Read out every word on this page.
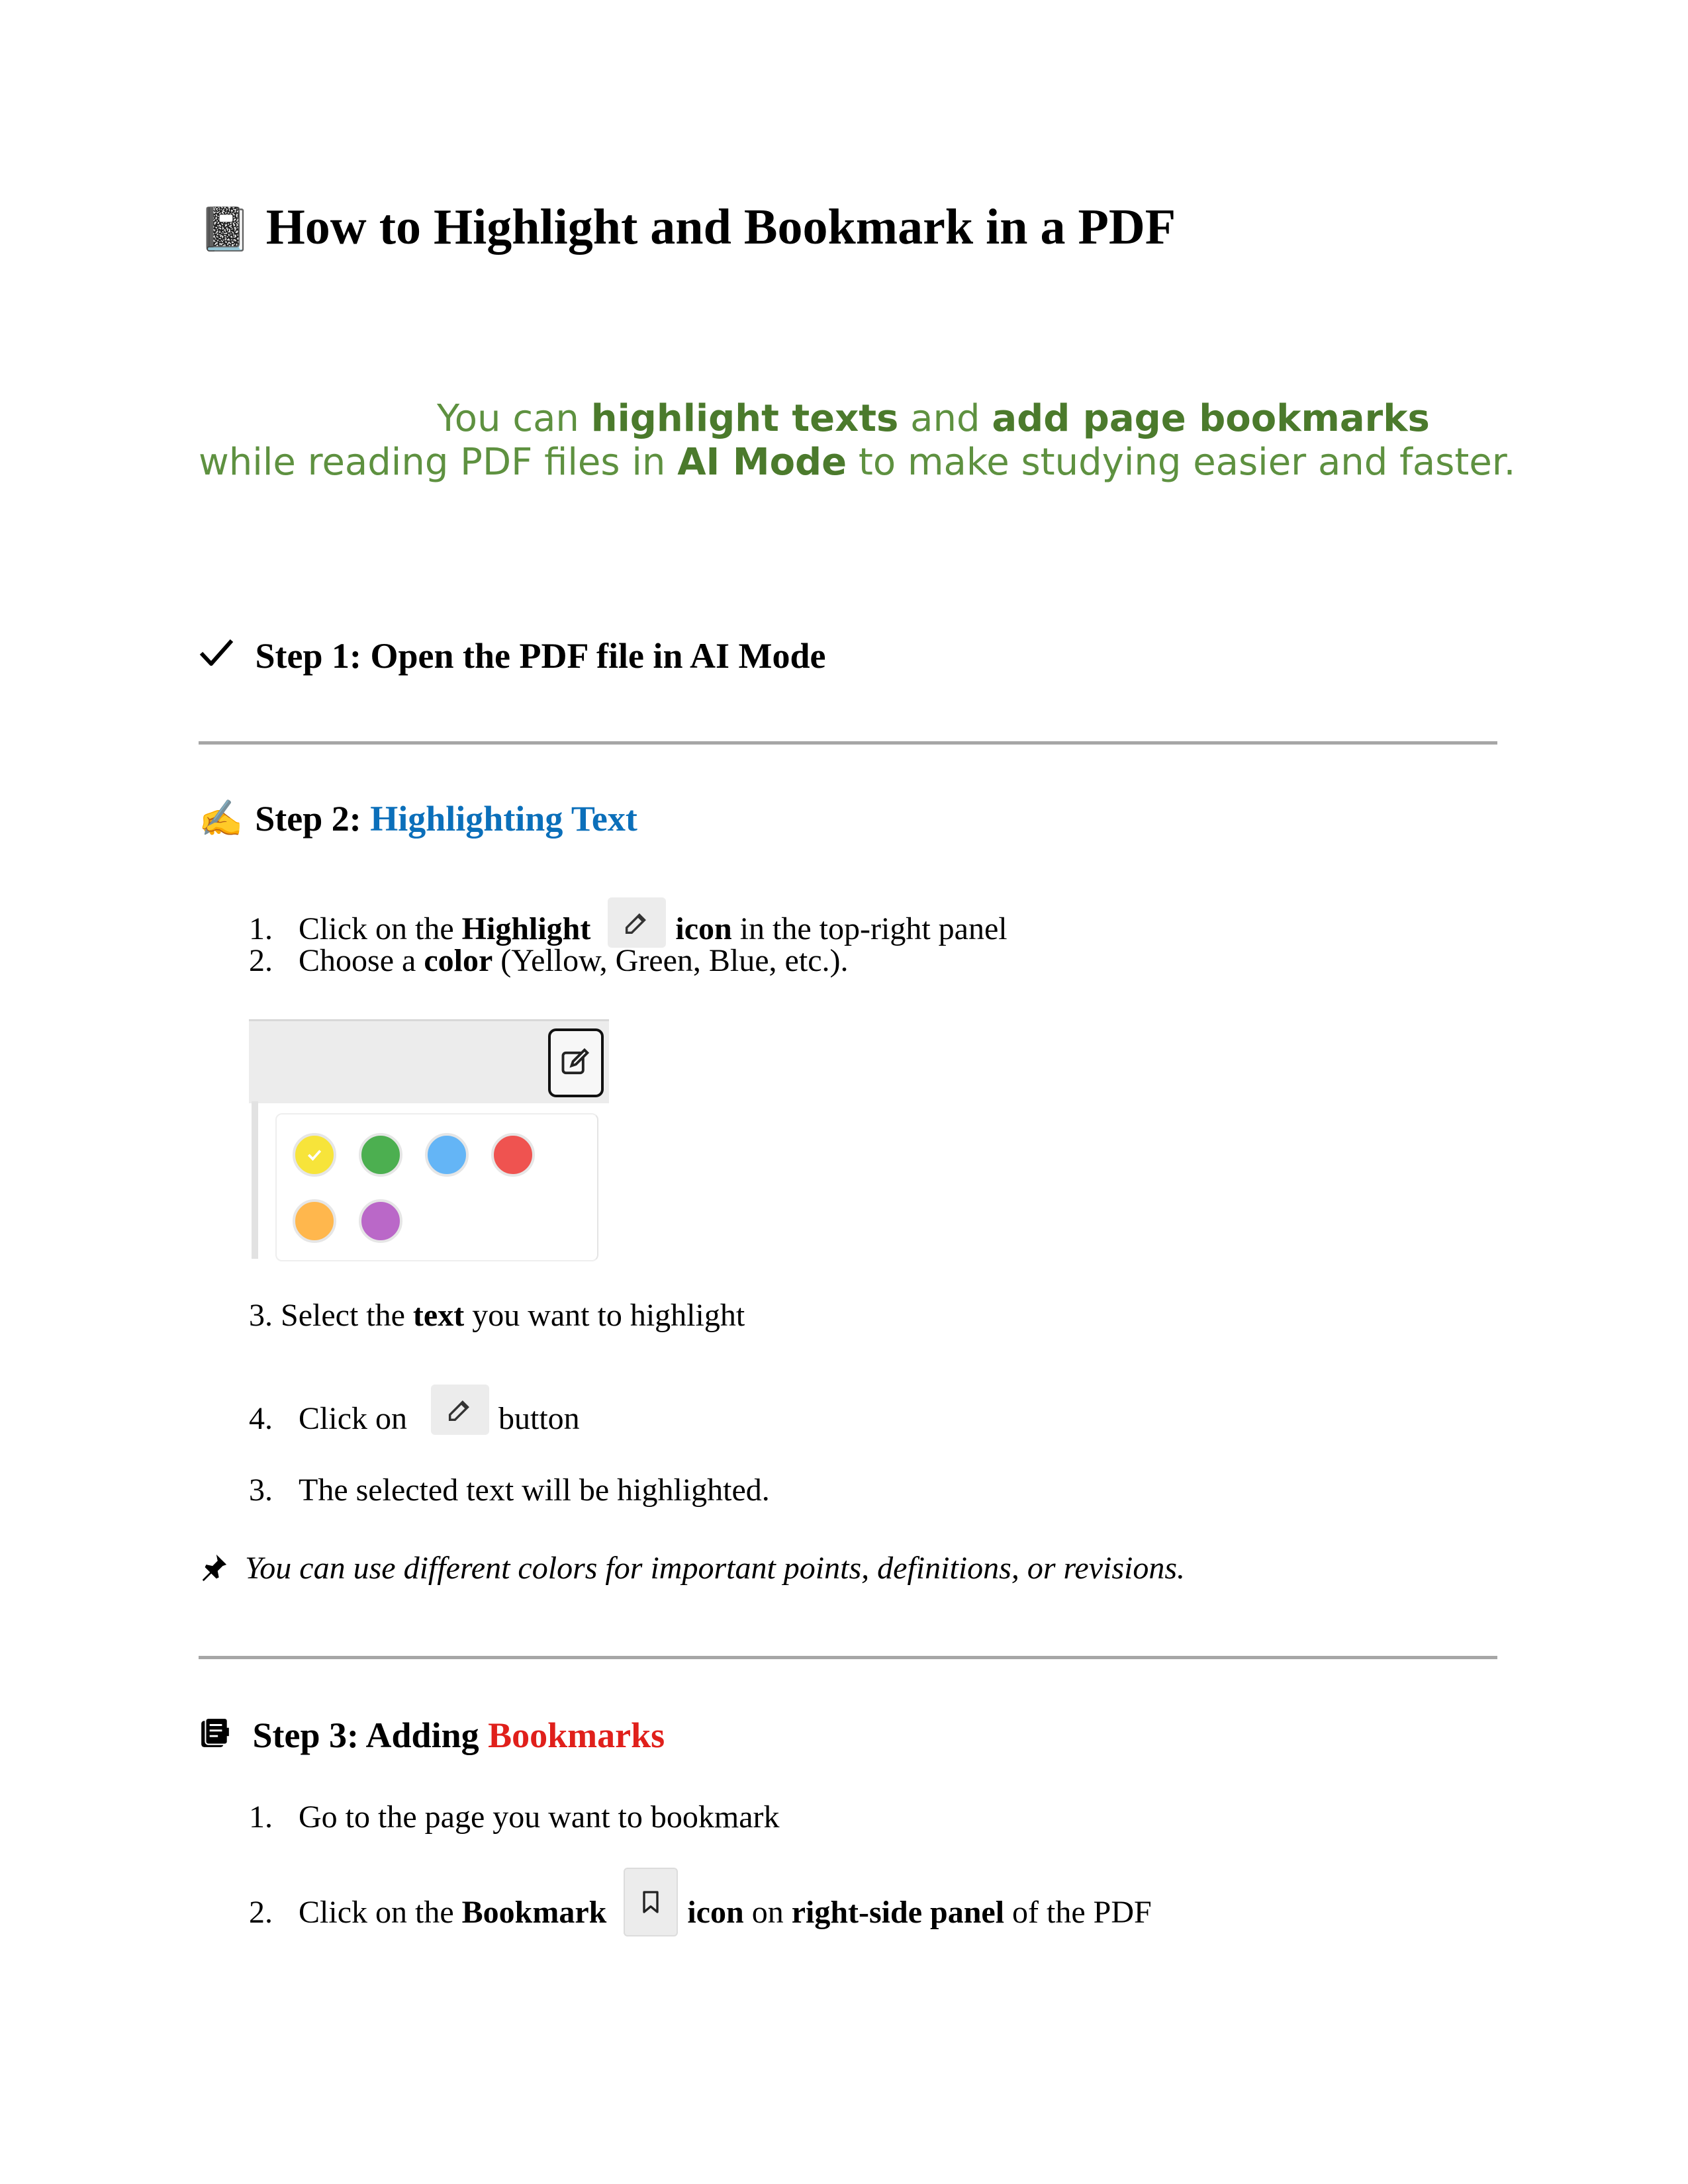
📓 How to Highlight and Bookmark in a PDF
You can highlight texts and add page bookmarks while reading PDF files in AI Mode to make studying easier and faster.
Step 1: Open the PDF file in AI Mode
✍️ Step 2: Highlighting Text
1. Click on the Highlight	icon in the top-right panel
2. Choose a color (Yellow, Green, Blue, etc.).
3. Select the text you want to highlight
4. Click on	button
3. The selected text will be highlighted.
You can use different colors for important points, definitions, or revisions.
Step 3: Adding Bookmarks
1. Go to the page you want to bookmark
2. Click on the Bookmark	icon on right-side panel of the PDF
